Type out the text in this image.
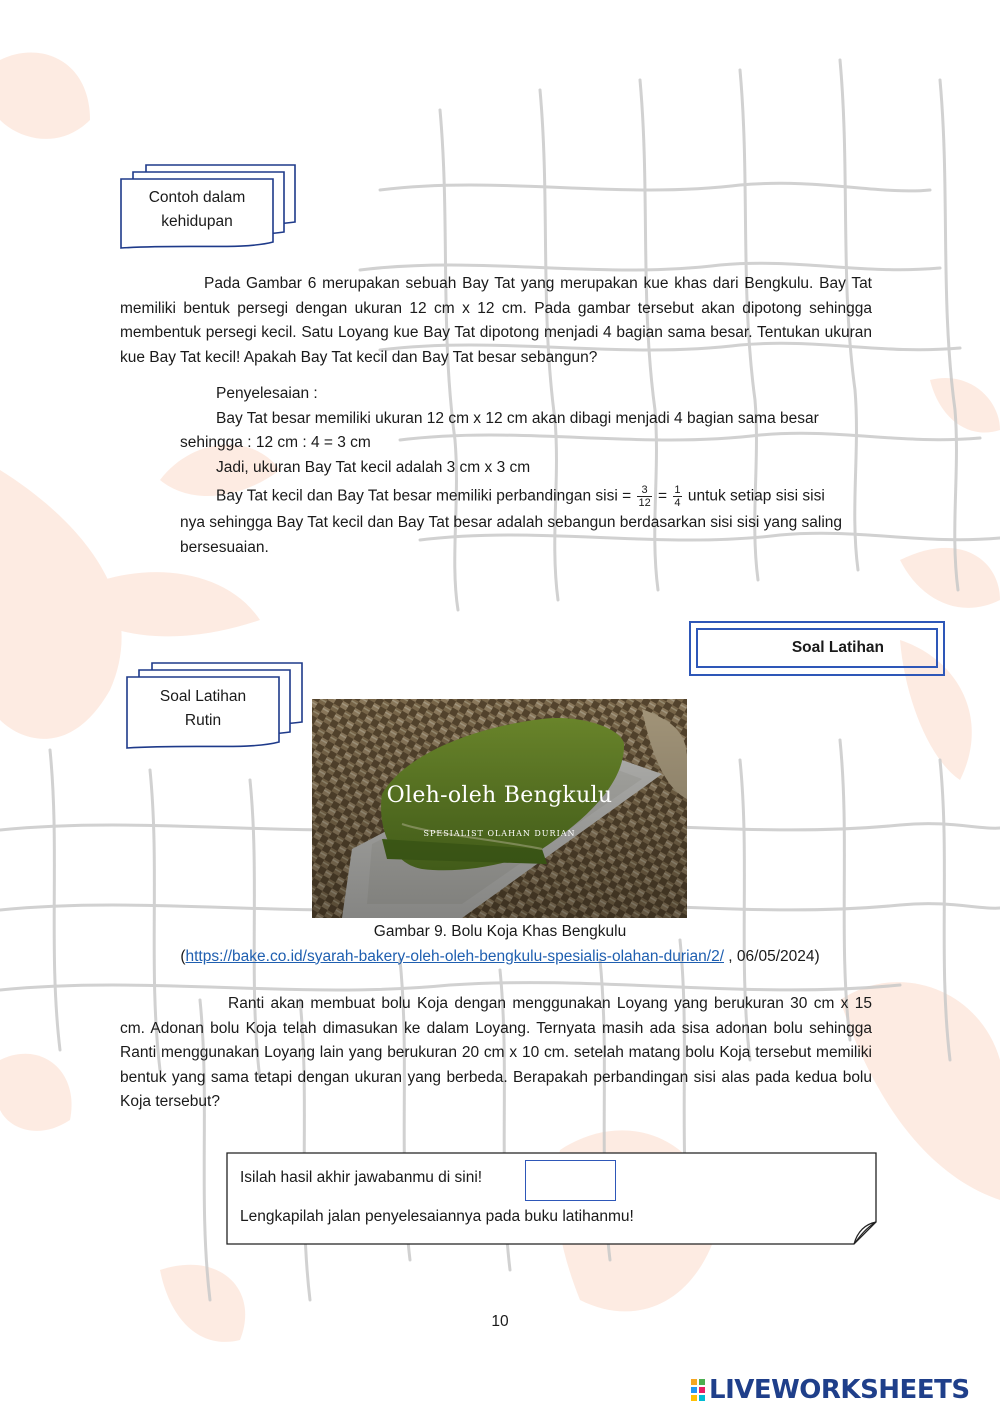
Contoh dalam
kehidupan
Pada Gambar 6 merupakan sebuah Bay Tat yang merupakan kue khas dari Bengkulu. Bay Tat memiliki bentuk persegi dengan ukuran 12 cm x 12 cm. Pada gambar tersebut akan dipotong sehingga membentuk persegi kecil. Satu Loyang kue Bay Tat dipotong menjadi 4 bagian sama besar. Tentukan ukuran kue Bay Tat kecil! Apakah Bay Tat kecil dan Bay Tat besar sebangun?
Penyelesaian :
Bay Tat besar memiliki ukuran 12 cm x 12 cm akan dibagi menjadi 4 bagian sama besar
sehingga : 12 cm : 4 = 3 cm
Jadi, ukuran Bay Tat kecil adalah 3 cm x 3 cm
Bay Tat kecil dan Bay Tat besar memiliki perbandingan sisi = $\frac{3}{12} = \frac{1}{4}$ untuk setiap sisi sisi
nya sehingga Bay Tat kecil dan Bay Tat besar adalah sebangun berdasarkan sisi sisi yang saling
bersesuaian.
Soal Latihan
Soal Latihan
Rutin
Oleh-oleh Bengkulu
SPESIALIST OLAHAN DURIAN
Gambar 9. Bolu Koja Khas Bengkulu
(https://bake.co.id/syarah-bakery-oleh-oleh-bengkulu-spesialis-olahan-durian/2/ , 06/05/2024)
Ranti akan membuat bolu Koja dengan menggunakan Loyang yang berukuran 30 cm x 15 cm. Adonan bolu Koja telah dimasukan ke dalam Loyang. Ternyata masih ada sisa adonan bolu sehingga Ranti menggunakan Loyang lain yang berukuran 20 cm x 10 cm. setelah matang bolu Koja tersebut memiliki bentuk yang sama tetapi dengan ukuran yang berbeda. Berapakah perbandingan sisi alas pada kedua bolu Koja tersebut?
Isilah hasil akhir jawabanmu di sini!
Lengkapilah jalan penyelesaiannya pada buku latihanmu!
10
LIVEWORKSHEETS
